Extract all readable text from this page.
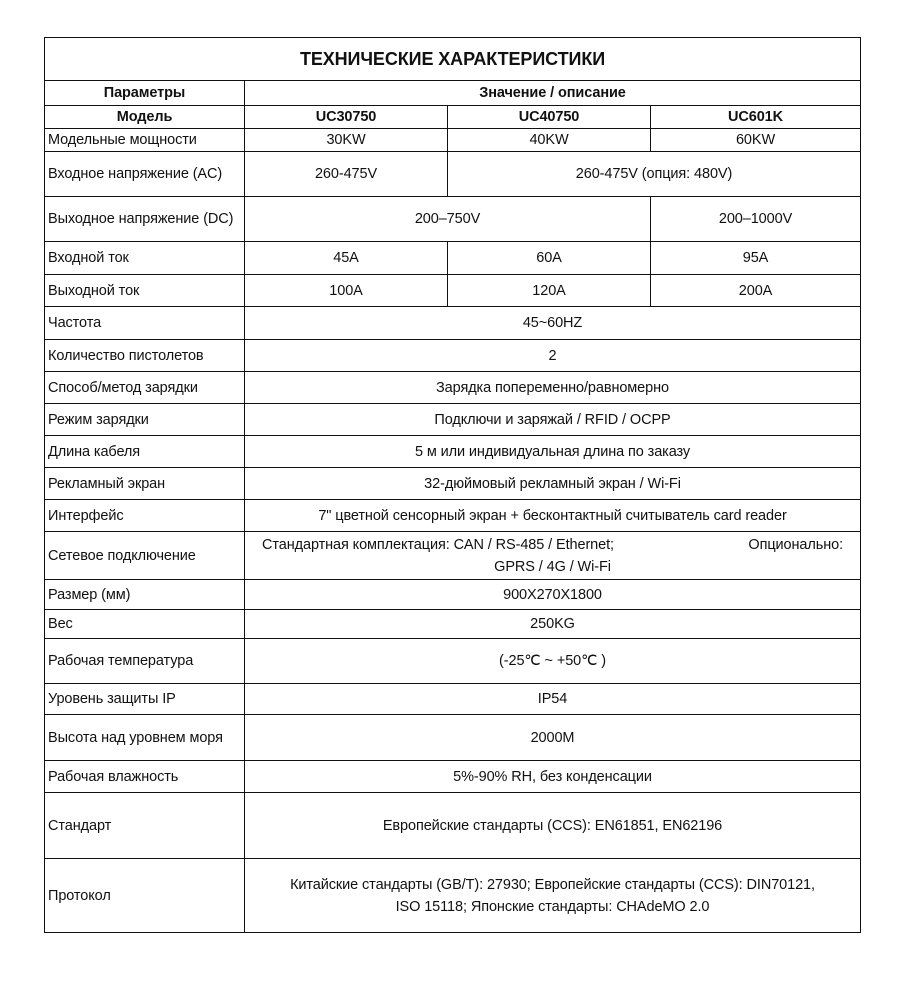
ТЕХНИЧЕСКИЕ ХАРАКТЕРИСТИКИ			
Параметры	Значение / описание		
Модель	UC30750	UC40750	UC601K
Модельные мощности	30KW	40KW	60KW
Входное напряжение (AC)	260-475V	260-475V (опция: 480V)	
Выходное напряжение (DC)	200–750V		200–1000V
Входной ток	45A	60A	95A
Выходной ток	100A	120A	200A
Частота	45~60HZ		
Количество пистолетов	2		
Способ/метод зарядки	Зарядка попеременно/равномерно		
Режим зарядки	Подключи и заряжай / RFID / OCPP		
Длина кабеля	5 м или индивидуальная длина по заказу		
Рекламный экран	32-дюймовый рекламный экран / Wi-Fi		
Интерфейс	7" цветной сенсорный экран + бесконтактный считыватель card reader		
Сетевое подключение	Стандартная комплектация: CAN / RS-485 / Ethernet; Опционально:
GPRS / 4G / Wi-Fi		

Размер (мм)	900X270X1800		
Вес	250KG		
Рабочая температура	(-25℃ ~ +50℃ )		
Уровень защиты IP	IP54		
Высота над уровнем моря	2000M		
Рабочая влажность	5%-90% RH, без конденсации		
Стандарт	Европейские стандарты (CCS): EN61851, EN62196		
Протокол	Китайские стандарты (GB/T): 27930; Европейские стандарты (CCS): DIN70121,
ISO 15118; Японские стандарты: CHAdeMO 2.0		
